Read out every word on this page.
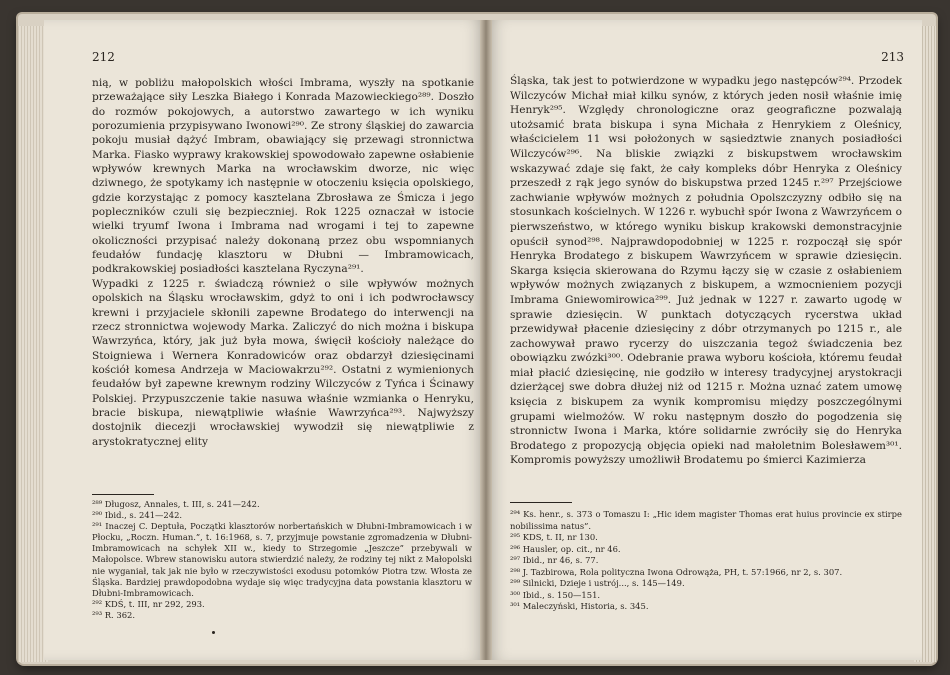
212
nią, w pobliżu małopolskich włości Imbrama, wyszły na spotkanie przeważające siły Leszka Białego i Konrada Mazowieckiego²⁸⁹. Doszło do rozmów pokojowych, a autorstwo zawartego w ich wyniku porozumienia przypisywano Iwonowi²⁹⁰. Ze strony śląskiej do zawarcia pokoju musiał dążyć Imbram, obawiający się przewagi stronnictwa Marka. Fiasko wyprawy krakowskiej spowodowało zapewne osłabienie wpływów krewnych Marka na wrocławskim dworze, nic więc dziwnego, że spotykamy ich następnie w otoczeniu księcia opolskiego, gdzie korzystając z pomocy kasztelana Zbrosława ze Śmicza i jego popleczników czuli się bezpieczniej. Rok 1225 oznaczał w istocie wielki tryumf Iwona i Imbrama nad wrogami i tej to zapewne okoliczności przypisać należy dokonaną przez obu wspomnianych feudałów fundację klasztoru w Dłubni — Imbramowicach, podkrakowskiej posiadłości kasztelana Ryczyna²⁹¹.
Wypadki z 1225 r. świadczą również o sile wpływów możnych opolskich na Śląsku wrocławskim, gdyż to oni i ich podwrocławscy krewni i przyjaciele skłonili zapewne Brodatego do interwencji na rzecz stronnictwa wojewody Marka. Zaliczyć do nich można i biskupa Wawrzyńca, który, jak już była mowa, święcił kościoły należące do Stoigniewa i Wernera Konradowiców oraz obdarzył dziesięcinami kościół komesa Andrzeja w Maciowakrzu²⁹². Ostatni z wymienionych feudałów był zapewne krewnym rodziny Wilczyców z Tyńca i Ścinawy Polskiej. Przypuszczenie takie nasuwa właśnie wzmianka o Henryku, bracie biskupa, niewątpliwie właśnie Wawrzyńca²⁹³. Najwyższy dostojnik diecezji wrocławskiej wywodził się niewątpliwie z arystokratycznej elity
²⁸⁹ Długosz, Annales, t. III, s. 241—242.
²⁹⁰ Ibid., s. 241—242.
²⁹¹ Inaczej C. Deptuła, Początki klasztorów norbertańskich w Dłubni-Imbramowicach i w Płocku, „Roczn. Human.”, t. 16:1968, s. 7, przyjmuje powstanie zgromadzenia w Dłubni-Imbramowicach na schyłek XII w., kiedy to Strzegomie „Jeszcze” przebywali w Małopolsce. Wbrew stanowisku autora stwierdzić należy, że rodziny tej nikt z Małopolski nie wyganiał, tak jak nie było w rzeczywistości exodusu potomków Piotra tzw. Włosta ze Śląska. Bardziej prawdopodobna wydaje się więc tradycyjna data powstania klasztoru w Dłubni-Imbramowicach.
²⁹² KDŚ, t. III, nr 292, 293.
²⁹³ R. 362.
213
Śląska, tak jest to potwierdzone w wypadku jego następców²⁹⁴. Przodek Wilczyców Michał miał kilku synów, z których jeden nosił właśnie imię Henryk²⁹⁵. Względy chronologiczne oraz geograficzne pozwalają utożsamić brata biskupa i syna Michała z Henrykiem z Oleśnicy, właścicielem 11 wsi położonych w sąsiedztwie znanych posiadłości Wilczyców²⁹⁶. Na bliskie związki z biskupstwem wrocławskim wskazywać zdaje się fakt, że cały kompleks dóbr Henryka z Oleśnicy przeszedł z rąk jego synów do biskupstwa przed 1245 r.²⁹⁷ Przejściowe zachwianie wpływów możnych z południa Opolszczyzny odbiło się na stosunkach kościelnych. W 1226 r. wybuchł spór Iwona z Wawrzyńcem o pierwszeństwo, w którego wyniku biskup krakowski demonstracyjnie opuścił synod²⁹⁸. Najprawdopodobniej w 1225 r. rozpoczął się spór Henryka Brodatego z biskupem Wawrzyńcem w sprawie dziesięcin. Skarga księcia skierowana do Rzymu łączy się w czasie z osłabieniem wpływów możnych związanych z biskupem, a wzmocnieniem pozycji Imbrama Gniewomirowica²⁹⁹. Już jednak w 1227 r. zawarto ugodę w sprawie dziesięcin. W punktach dotyczących rycerstwa układ przewidywał płacenie dziesięciny z dóbr otrzymanych po 1215 r., ale zachowywał prawo rycerzy do uiszczania tegoż świadczenia bez obowiązku zwózki³⁰⁰. Odebranie prawa wyboru kościoła, któremu feudał miał płacić dziesięcinę, nie godziło w interesy tradycyjnej arystokracji dzierżącej swe dobra dłużej niż od 1215 r. Można uznać zatem umowę księcia z biskupem za wynik kompromisu między poszczególnymi grupami wielmożów. W roku następnym doszło do pogodzenia się stronnictw Iwona i Marka, które solidarnie zwróciły się do Henryka Brodatego z propozycją objęcia opieki nad małoletnim Bolesławem³⁰¹. Kompromis powyższy umożliwił Brodatemu po śmierci Kazimierza
²⁹⁴ Ks. henr., s. 373 o Tomaszu I: „Hic idem magister Thomas erat huius provincie ex stirpe nobilissima natus”.
²⁹⁵ KDS, t. II, nr 130.
²⁹⁶ Hausler, op. cit., nr 46.
²⁹⁷ Ibid., nr 46, s. 77.
²⁹⁸ J. Tazbirowa, Rola polityczna Iwona Odrowąża, PH, t. 57:1966, nr 2, s. 307.
²⁹⁹ Silnicki, Dzieje i ustrój..., s. 145—149.
³⁰⁰ Ibid., s. 150—151.
³⁰¹ Maleczyński, Historia, s. 345.
